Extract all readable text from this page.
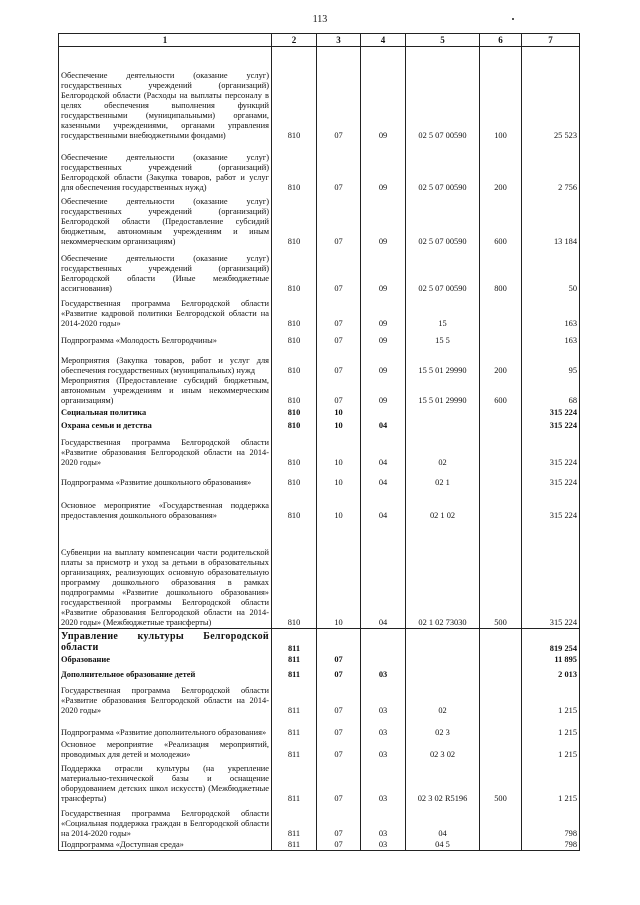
113
1	2	3	4	5	6	7
Обеспечение деятельности (оказание услуг) государственных учреждений (организаций) Белгородской области (Расходы на выплаты персоналу в целях обеспечения выполнения функций государственными (муниципальными) органами, казенными учреждениями, органами управления государственными внебюджетными фондами)	810	07	09	02 5 07 00590	100	25 523
Обеспечение деятельности (оказание услуг) государственных учреждений (организаций) Белгородской области (Закупка товаров, работ и услуг для обеспечения государственных нужд)	810	07	09	02 5 07 00590	200	2 756
Обеспечение деятельности (оказание услуг) государственных учреждений (организаций) Белгородской области (Предоставление субсидий бюджетным, автономным учреждениям и иным некоммерческим организациям)	810	07	09	02 5 07 00590	600	13 184
Обеспечение деятельности (оказание услуг) государственных учреждений (организаций) Белгородской области (Иные межбюджетные ассигнования)	810	07	09	02 5 07 00590	800	50
Государственная программа Белгородской области «Развитие кадровой политики Белгородской области на 2014-2020 годы»	810	07	09	15		163
Подпрограмма «Молодость Белгородчины»	810	07	09	15 5		163
Мероприятия (Закупка товаров, работ и услуг для обеспечения государственных (муниципальных) нужд	810	07	09	15 5 01 29990	200	95
Мероприятия (Предоставление субсидий бюджетным, автономным учреждениям и иным некоммерческим организациям)	810	07	09	15 5 01 29990	600	68
Социальная политика	810	10				315 224
Охрана семьи и детства	810	10	04			315 224
Государственная программа Белгородской области «Развитие образования Белгородской области на 2014-2020 годы»	810	10	04	02		315 224
Подпрограмма «Развитие дошкольного образования»	810	10	04	02 1		315 224
Основное мероприятие «Государственная поддержка предоставления дошкольного образования»	810	10	04	02 1 02		315 224
Субвенции на выплату компенсации части родительской платы за присмотр и уход за детьми в образовательных организациях, реализующих основную образовательную программу дошкольного образования в рамках подпрограммы «Развитие дошкольного образования» государственной программы Белгородской области «Развитие образования Белгородской области на 2014-2020 годы» (Межбюджетные трансферты)	810	10	04	02 1 02 73030	500	315 224
Управление культуры Белгородской области	811					819 254
Образование	811	07				11 895
Дополнительное образование детей	811	07	03			2 013
Государственная программа Белгородской области «Развитие образования Белгородской области на 2014-2020 годы»	811	07	03	02		1 215
Подпрограмма «Развитие дополнительного образования»	811	07	03	02 3		1 215
Основное мероприятие «Реализация мероприятий, проводимых для детей и молодежи»	811	07	03	02 3 02		1 215
Поддержка отрасли культуры (на укрепление материально-технической базы и оснащение оборудованием детских школ искусств) (Межбюджетные трансферты)	811	07	03	02 3 02 R5196	500	1 215
Государственная программа Белгородской области «Социальная поддержка граждан в Белгородской области на 2014-2020 годы»	811	07	03	04		798
Подпрограмма «Доступная среда»	811	07	03	04 5		798
